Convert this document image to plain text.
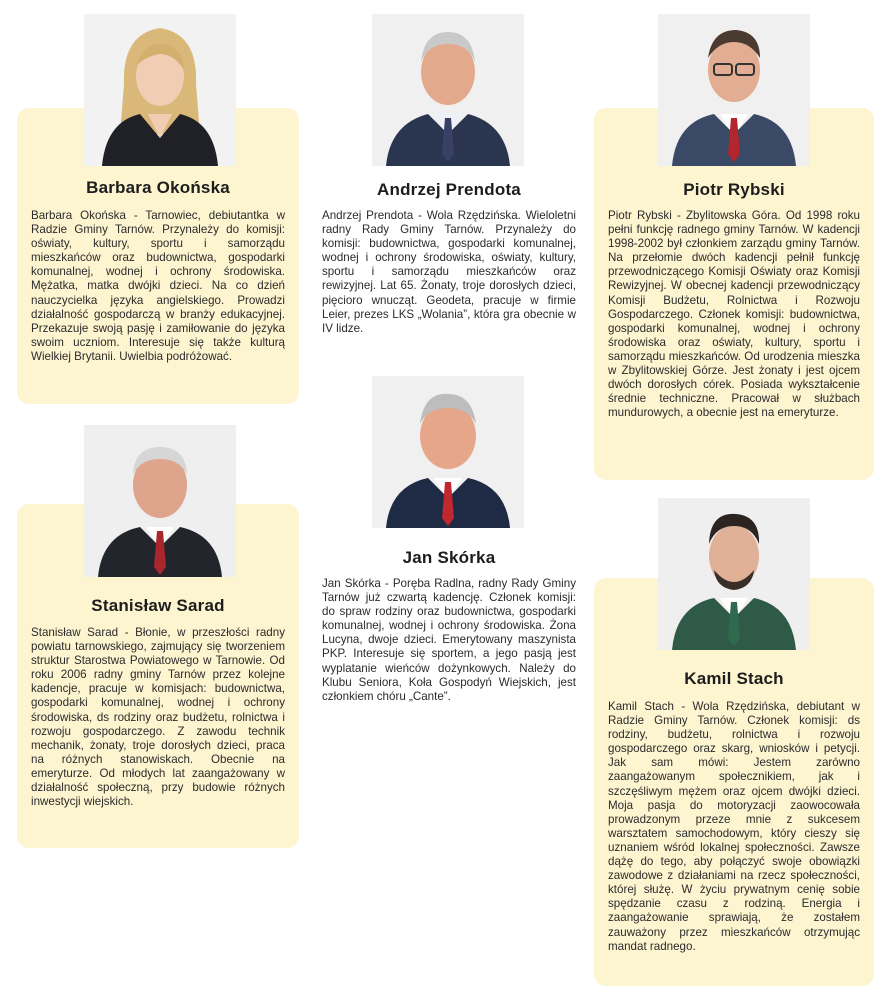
Barbara Okońska
Barbara Okońska - Tarnowiec, debiutantka w Radzie Gminy Tarnów. Przynależy do komisji: oświaty, kultury, sportu i samorządu mieszkańców oraz budownictwa, gospodarki komunalnej, wodnej i ochrony środowiska. Mężatka, matka dwójki dzieci. Na co dzień nauczycielka języka angielskiego. Prowadzi działalność gospodarczą w branży edukacyjnej. Przekazuje swoją pasję i zamiłowanie do języka swoim uczniom. Interesuje się także kulturą Wielkiej Brytanii. Uwielbia podróżować.
Andrzej Prendota
Andrzej Prendota - Wola Rzędzińska. Wieloletni radny Rady Gminy Tarnów. Przynależy do komisji: budownictwa, gospodarki komunalnej, wodnej i ochrony środowiska, oświaty, kultury, sportu i samorządu mieszkańców oraz rewizyjnej. Lat 65. Żonaty, troje dorosłych dzieci, pięcioro wnucząt. Geodeta, pracuje w firmie Leier, prezes LKS „Wolania”, która gra obecnie w IV lidze.
Piotr Rybski
Piotr Rybski - Zbylitowska Góra. Od 1998 roku pełni funkcję radnego gminy Tarnów. W kadencji 1998-2002 był członkiem zarządu gminy Tarnów. Na przełomie dwóch kadencji pełnił funkcję przewodniczącego Komisji Oświaty oraz Komisji Rewizyjnej. W obecnej kadencji przewodniczący Komisji Budżetu, Rolnictwa i Rozwoju Gospodarczego. Członek komisji: budownictwa, gospodarki komunalnej, wodnej i ochrony środowiska oraz oświaty, kultury, sportu i samorządu mieszkańców. Od urodzenia mieszka w Zbylitowskiej Górze. Jest żonaty i jest ojcem dwóch dorosłych córek. Posiada wykształcenie średnie techniczne. Pracował w służbach mundurowych, a obecnie jest na emeryturze.
Stanisław Sarad
Stanisław Sarad - Błonie, w przeszłości radny powiatu tarnowskiego, zajmujący się tworzeniem struktur Starostwa Powiatowego w Tarnowie. Od roku 2006 radny gminy Tarnów przez kolejne kadencje, pracuje w komisjach: budownictwa, gospodarki komunalnej, wodnej i ochrony środowiska, ds rodziny oraz budżetu, rolnictwa i rozwoju gospodarczego. Z zawodu technik mechanik, żonaty, troje dorosłych dzieci, praca na różnych stanowiskach. Obecnie na emeryturze. Od młodych lat zaangażowany w działalność społeczną, przy budowie różnych inwestycji wiejskich.
Jan Skórka
Jan Skórka - Poręba Radlna, radny Rady Gminy Tarnów już czwartą kadencję. Członek komisji: do spraw rodziny oraz budownictwa, gospodarki komunalnej, wodnej i ochrony środowiska. Żona Lucyna, dwoje dzieci. Emerytowany maszynista PKP. Interesuje się sportem, a jego pasją jest wyplatanie wieńców dożynkowych. Należy do Klubu Seniora, Koła Gospodyń Wiejskich, jest członkiem chóru „Cante”.
Kamil Stach
Kamil Stach - Wola Rzędzińska, debiutant w Radzie Gminy Tarnów. Członek komisji: ds rodziny, budżetu, rolnictwa i rozwoju gospodarczego oraz skarg, wniosków i petycji. Jak sam mówi: Jestem zarówno zaangażowanym społecznikiem, jak i szczęśliwym mężem oraz ojcem dwójki dzieci. Moja pasja do motoryzacji zaowocowała prowadzonym przeze mnie z sukcesem warsztatem samochodowym, który cieszy się uznaniem wśród lokalnej społeczności. Zawsze dążę do tego, aby połączyć swoje obowiązki zawodowe z działaniami na rzecz społeczności, której służę. W życiu prywatnym cenię sobie spędzanie czasu z rodziną. Energia i zaangażowanie sprawiają, że zostałem zauważony przez mieszkańców otrzymując mandat radnego.
